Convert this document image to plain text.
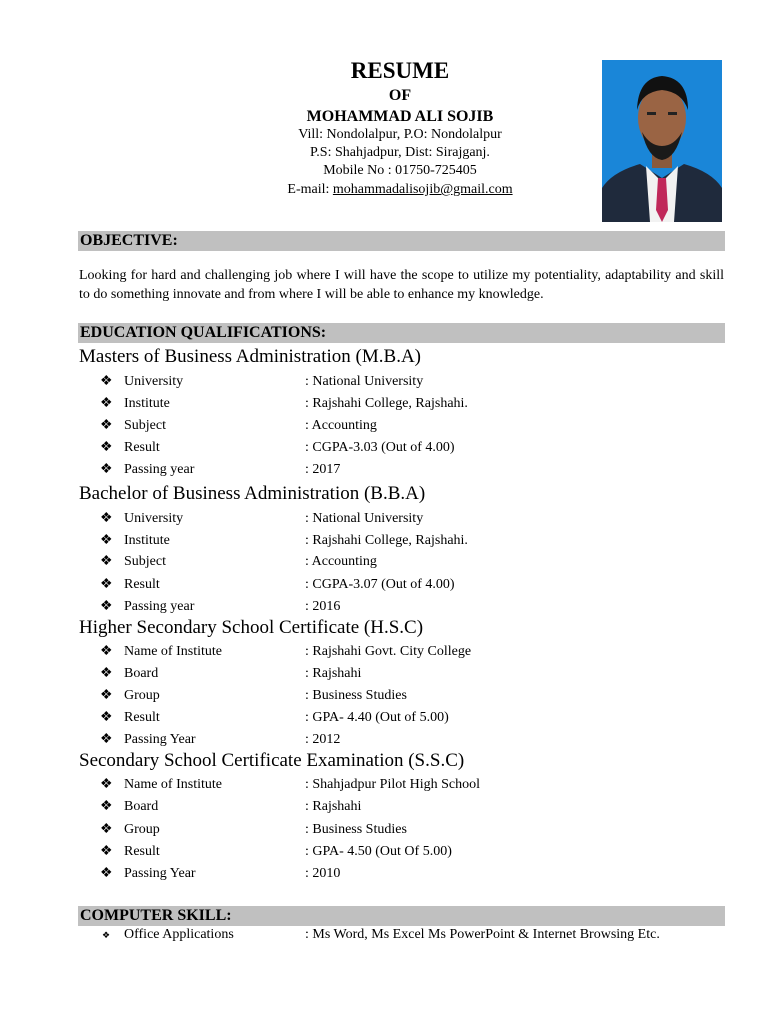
RESUME
OF
MOHAMMAD ALI SOJIB
Vill: Nondolalpur, P.O: Nondolalpur
P.S: Shahjadpur, Dist: Sirajganj.
Mobile No : 01750-725405
E-mail: mohammadalisojib@gmail.com
OBJECTIVE:
Looking for hard and challenging job where I will have the scope to utilize my potentiality, adaptability and skill to do something innovate and from where I will be able to enhance my knowledge.
EDUCATION QUALIFICATIONS:
Masters of Business Administration (M.B.A)
❖ University	: National University
❖ Institute	: Rajshahi College, Rajshahi.
❖ Subject	: Accounting
❖ Result	: CGPA-3.03 (Out of 4.00)
❖ Passing year	: 2017
Bachelor of Business Administration (B.B.A)
❖ University	: National University
❖ Institute	: Rajshahi College, Rajshahi.
❖ Subject	: Accounting
❖ Result	: CGPA-3.07 (Out of 4.00)
❖ Passing year	: 2016
Higher Secondary School Certificate (H.S.C)
❖ Name of Institute	: Rajshahi Govt. City College
❖ Board	: Rajshahi
❖ Group	: Business Studies
❖ Result	: GPA- 4.40 (Out of 5.00)
❖ Passing Year	: 2012
Secondary School Certificate Examination (S.S.C)
❖ Name of Institute	: Shahjadpur Pilot High School
❖ Board	: Rajshahi
❖ Group	: Business Studies
❖ Result	: GPA- 4.50 (Out Of 5.00)
❖ Passing Year	: 2010
COMPUTER SKILL:
❖ Office Applications	: Ms Word, Ms Excel Ms PowerPoint & Internet Browsing Etc.
